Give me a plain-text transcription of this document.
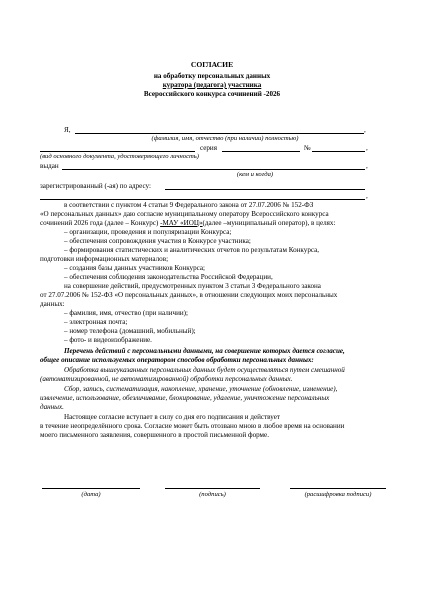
СОГЛАСИЕ
на обработку персональных данных
куратора (педагога) участника
Всероссийского конкурса сочинений -2026
Я,	,
(фамилия, имя, отчество (при наличии) полностью)
серия	№	,
(вид основного документа, удостоверяющего личность)
выдан	,
(кем и когда)
зарегистрированный (-ая) по адресу:
,
в соответствии с пунктом 4 статьи 9 Федерального закона от 27.07.2006 № 152-ФЗ
«О персональных данных» даю согласие муниципальному оператору Всероссийского конкурса
сочинений 2026 года (далее – Конкурс) -МАУ «ИОЦ»(далее –муниципальный оператор), в целях:
– организации, проведения и популяризации Конкурса;
– обеспечения сопровождения участия в Конкурсе участника;
– формирования статистических и аналитических отчетов по результатам Конкурса,
подготовки информационных материалов;
– создания базы данных участников Конкурса;
– обеспечения соблюдения законодательства Российской Федерации,
на совершение действий, предусмотренных пунктом 3 статьи 3 Федерального закона
от 27.07.2006 № 152-ФЗ «О персональных данных», в отношении следующих моих персональных
данных:
– фамилия, имя, отчество (при наличии);
– электронная почта;
– номер телефона (домашний, мобильный);
– фото- и видеоизображение.
Перечень действий с персональными данными, на совершение которых дается согласие,
общее описание используемых оператором способов обработки персональных данных:
Обработка вышеуказанных персональных данных будет осуществляться путем смешанной
(автоматизированной, не автоматизированной) обработки персональных данных.
Сбор, запись, систематизация, накопление, хранение, уточнение (обновление, изменение),
извлечение, использование, обезличивание, блокирование, удаление, уничтожение персональных
данных.
Настоящее согласие вступает в силу со дня его подписания и действует
в течение неопределённого срока. Согласие может быть отозвано мною в любое время на основании
моего письменного заявления, совершенного в простой письменной форме.
(дата)	(подпись)	(расшифровка подписи)
